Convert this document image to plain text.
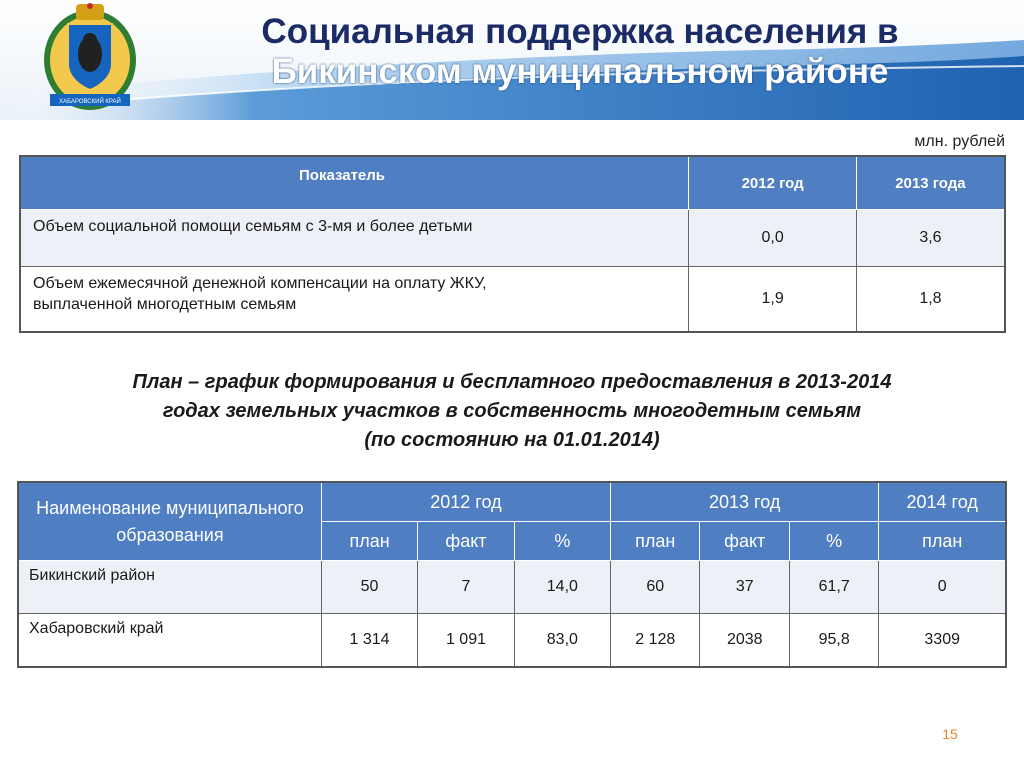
ХАБАРОВСКИЙ КРАЙ
Социальная поддержка населения в
Бикинском муниципальном районе
млн. рублей
Показатель	2012 год	2013 года
Объем социальной помощи семьям с 3-мя и более детьми	0,0	3,6

Объем ежемесячной денежной компенсации на оплату ЖКУ,
выплаченной многодетным семьям	1,9	1,8
План – график формирования и бесплатного предоставления в 2013-2014
годах земельных участков в собственность многодетным семьям
(по состоянию на 01.01.2014)
Наименование муниципального образования	2012 год			2013 год			2014 год
	план	факт	%	план	факт	%	план
Бикинский район	50	7	14,0	60	37	61,7	0
Хабаровский край	1 314	1 091	83,0	2 128	2038	95,8	3309
15
